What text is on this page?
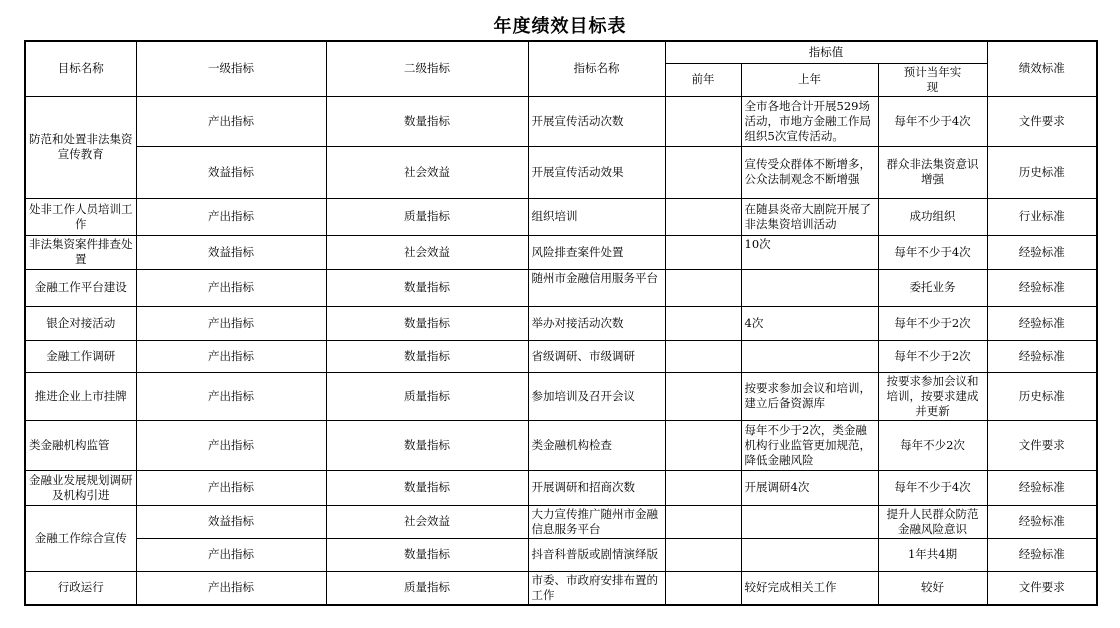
年度绩效目标表
目标名称	一级指标	二级指标	指标名称	指标值			绩效标准
				前年	上年	预计当年实现	
防范和处置非法集资宣传教育	产出指标	数量指标	开展宣传活动次数		全市各地合计开展529场活动，市地方金融工作局组织5次宣传活动。	每年不少于4次	文件要求
	效益指标	社会效益	开展宣传活动效果		宣传受众群体不断增多，公众法制观念不断增强	群众非法集资意识增强	历史标准
处非工作人员培训工作	产出指标	质量指标	组织培训		在随县炎帝大剧院开展了非法集资培训活动	成功组织	行业标准
非法集资案件排查处置	效益指标	社会效益	风险排查案件处置		10次	每年不少于4次	经验标准
金融工作平台建设	产出指标	数量指标	随州市金融信用服务平台			委托业务	经验标准
银企对接活动	产出指标	数量指标	举办对接活动次数		4次	每年不少于2次	经验标准
金融工作调研	产出指标	数量指标	省级调研、市级调研			每年不少于2次	经验标准
推进企业上市挂牌	产出指标	质量指标	参加培训及召开会议		按要求参加会议和培训，建立后备资源库	按要求参加会议和培训，按要求建成并更新	历史标准
类金融机构监管	产出指标	数量指标	类金融机构检查		每年不少于2次，类金融机构行业监管更加规范，降低金融风险	每年不少2次	文件要求
金融业发展规划调研及机构引进	产出指标	数量指标	开展调研和招商次数		开展调研4次	每年不少于4次	经验标准
金融工作综合宣传	效益指标	社会效益	大力宣传推广随州市金融信息服务平台			提升人民群众防范金融风险意识	经验标准
	产出指标	数量指标	抖音科普版或剧情演绎版			1年共4期	经验标准
行政运行	产出指标	质量指标	市委、市政府安排布置的工作		较好完成相关工作	较好	文件要求
